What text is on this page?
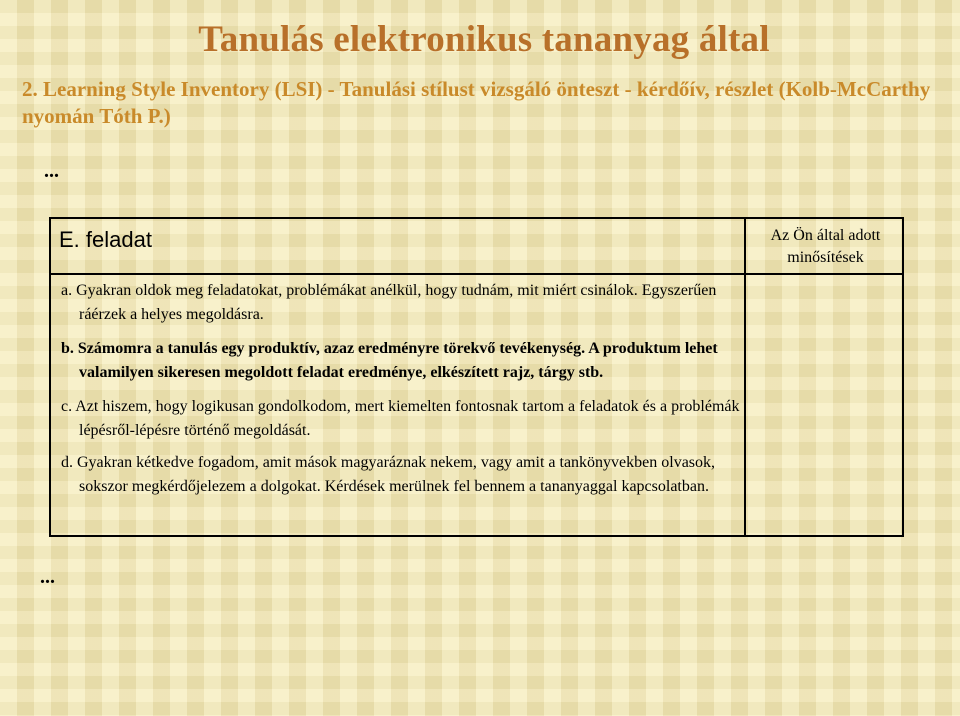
Tanulás elektronikus tananyag által
2. Learning Style Inventory (LSI) - Tanulási stílust vizsgáló önteszt - kérdőív, részlet (Kolb-McCarthy nyomán Tóth P.)
...
E. feladat	Az Ön által adott minősítések
a. Gyakran oldok meg feladatokat, problémákat anélkül, hogy tudnám, mit miért csinálok. Egyszerűen ráérzek a helyes megoldásra.
b. Számomra a tanulás egy produktív, azaz eredményre törekvő tevékenység. A produktum lehet valamilyen sikeresen megoldott feladat eredménye, elkészített rajz, tárgy stb.
c. Azt hiszem, hogy logikusan gondolkodom, mert kiemelten fontosnak tartom a feladatok és a problémák lépésről-lépésre történő megoldását.
d. Gyakran kétkedve fogadom, amit mások magyaráznak nekem, vagy amit a tankönyvekben olvasok, sokszor megkérdőjelezem a dolgokat. Kérdések merülnek fel bennem a tananyaggal kapcsolatban.
...
